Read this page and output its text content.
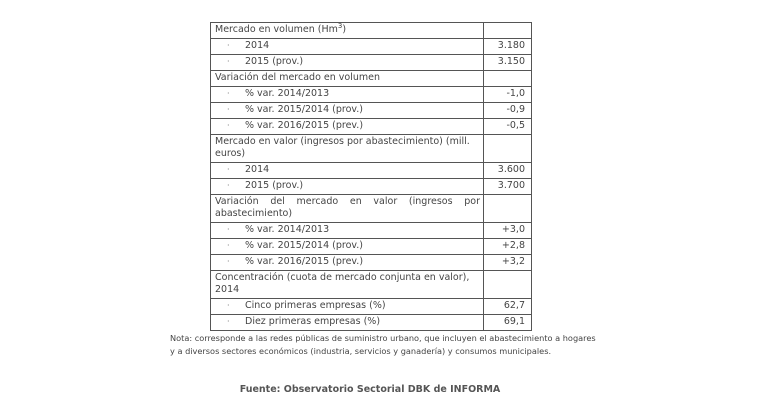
Mercado en volumen (Hm$^3$)	
· 2014	3.180
· 2015 (prov.)	3.150
Variación del mercado en volumen	
· % var. 2014/2013	-1,0
· % var. 2015/2014 (prov.)	-0,9
· % var. 2016/2015 (prev.)	-0,5
Mercado en valor (ingresos por abastecimiento) (mill. euros)	
· 2014	3.600
· 2015 (prov.)	3.700
Variación del mercado en valor (ingresos por abastecimiento)	
· % var. 2014/2013	+3,0
· % var. 2015/2014 (prov.)	+2,8
· % var. 2016/2015 (prev.)	+3,2
Concentración (cuota de mercado conjunta en valor), 2014	
· Cinco primeras empresas (%)	62,7
· Diez primeras empresas (%)	69,1

Nota: corresponde a las redes públicas de suministro urbano, que incluyen el abastecimiento a hogares y a diversos sectores económicos (industria, servicios y ganadería) y consumos municipales.

Fuente: Observatorio Sectorial DBK de INFORMA
